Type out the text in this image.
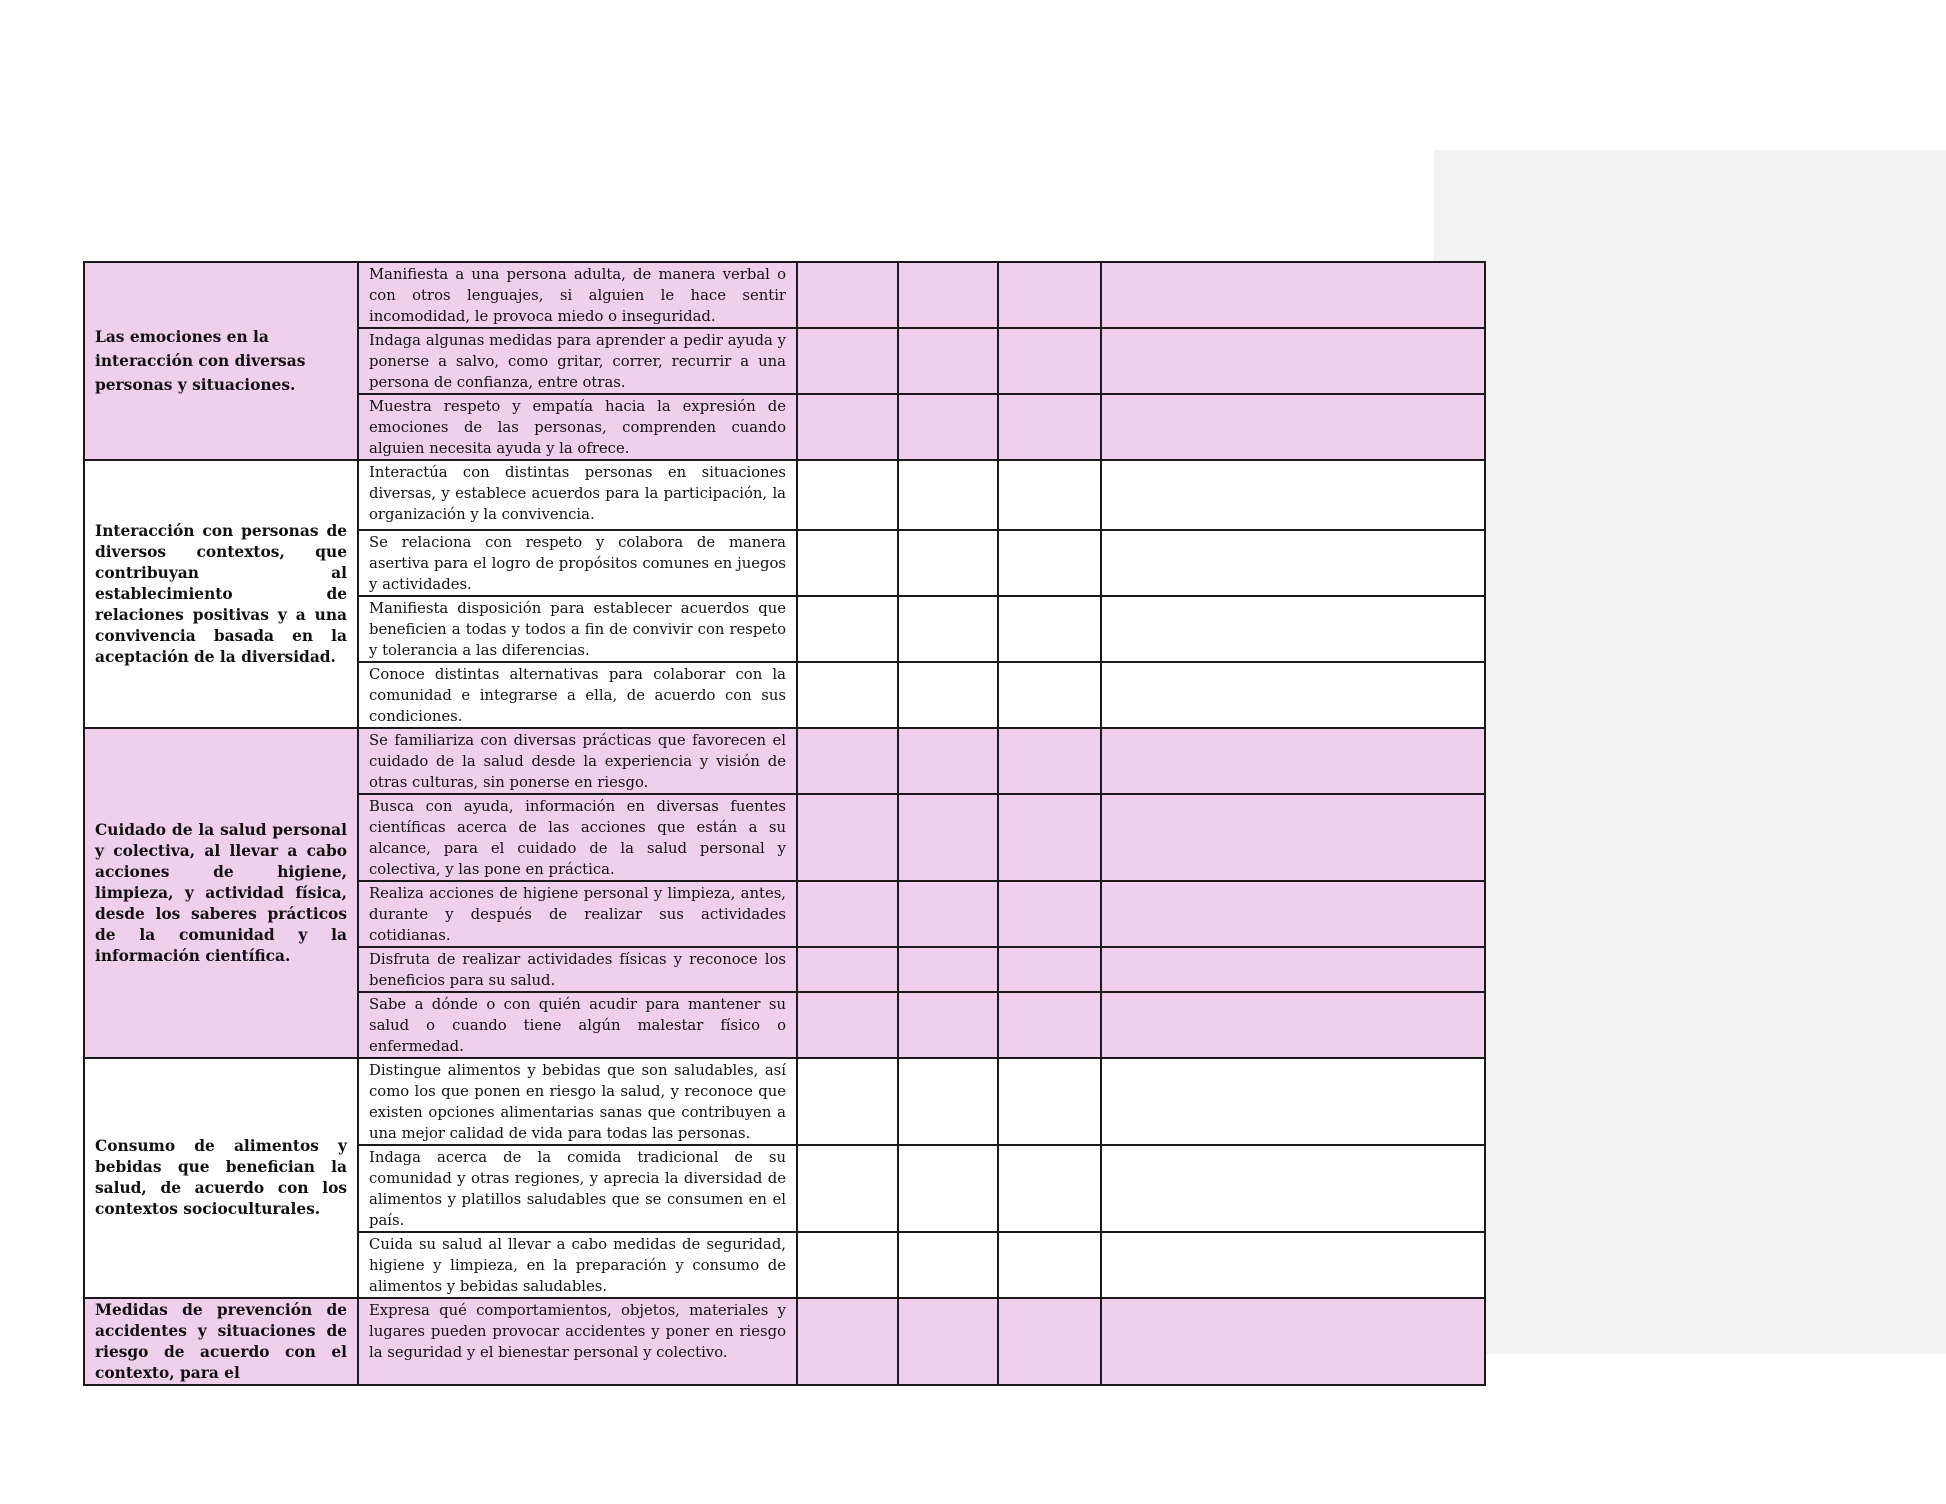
Las emociones en la interacción con diversas personas y situaciones.	Manifiesta a una persona adulta, de manera verbal o con otros lenguajes, si alguien le hace sentir incomodidad, le provoca miedo o inseguridad.				
	Indaga algunas medidas para aprender a pedir ayuda y ponerse a salvo, como gritar, correr, recurrir a una persona de confianza, entre otras.				
	Muestra respeto y empatía hacia la expresión de emociones de las personas, comprenden cuando alguien necesita ayuda y la ofrece.				
Interacción con personas de diversos contextos, que contribuyan al establecimiento de relaciones positivas y a una convivencia basada en la aceptación de la diversidad.	Interactúa con distintas personas en situaciones diversas, y establece acuerdos para la participación, la organización y la convivencia.				
	Se relaciona con respeto y colabora de manera asertiva para el logro de propósitos comunes en juegos y actividades.				
	Manifiesta disposición para establecer acuerdos que beneficien a todas y todos a fin de convivir con respeto y tolerancia a las diferencias.				
	Conoce distintas alternativas para colaborar con la comunidad e integrarse a ella, de acuerdo con sus condiciones.				
Cuidado de la salud personal y colectiva, al llevar a cabo acciones de higiene, limpieza, y actividad física, desde los saberes prácticos de la comunidad y la información científica.	Se familiariza con diversas prácticas que favorecen el cuidado de la salud desde la experiencia y visión de otras culturas, sin ponerse en riesgo.				
	Busca con ayuda, información en diversas fuentes científicas acerca de las acciones que están a su alcance, para el cuidado de la salud personal y colectiva, y las pone en práctica.				
	Realiza acciones de higiene personal y limpieza, antes, durante y después de realizar sus actividades cotidianas.				
	Disfruta de realizar actividades físicas y reconoce los beneficios para su salud.				
	Sabe a dónde o con quién acudir para mantener su salud o cuando tiene algún malestar físico o enfermedad.				
Consumo de alimentos y bebidas que benefician la salud, de acuerdo con los contextos socioculturales.	Distingue alimentos y bebidas que son saludables, así como los que ponen en riesgo la salud, y reconoce que existen opciones alimentarias sanas que contribuyen a una mejor calidad de vida para todas las personas.				
	Indaga acerca de la comida tradicional de su comunidad y otras regiones, y aprecia la diversidad de alimentos y platillos saludables que se consumen en el país.				
	Cuida su salud al llevar a cabo medidas de seguridad, higiene y limpieza, en la preparación y consumo de alimentos y bebidas saludables.				
Medidas de prevención de accidentes y situaciones de riesgo de acuerdo con el contexto, para el	Expresa qué comportamientos, objetos, materiales y lugares pueden provocar accidentes y poner en riesgo la seguridad y el bienestar personal y colectivo.				
